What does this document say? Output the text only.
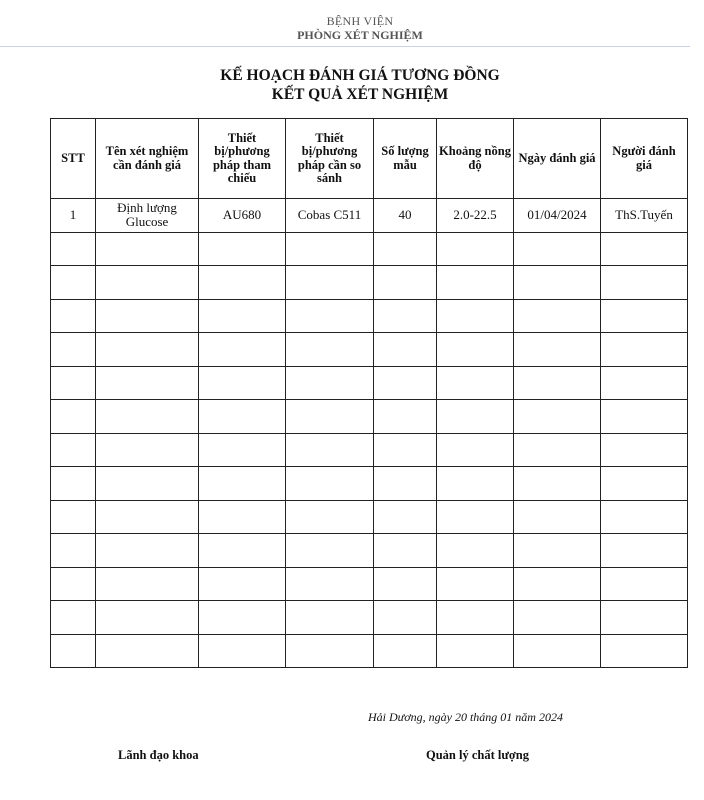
BỆNH VIỆN
PHÒNG XÉT NGHIỆM
KẾ HOẠCH ĐÁNH GIÁ TƯƠNG ĐỒNG
KẾT QUẢ XÉT NGHIỆM
STT	Tên xét nghiệm cần đánh giá	Thiết bị/phương pháp tham chiếu	Thiết bị/phương pháp cần so sánh	Số lượng mẫu	Khoảng nồng độ	Ngày đánh giá	Người đánh giá
1	Định lượng Glucose	AU680	Cobas C511	40	2.0-22.5	01/04/2024	ThS.Tuyến

Hải Dương, ngày 20 tháng 01 năm 2024
Lãnh đạo khoa	Quản lý chất lượng
